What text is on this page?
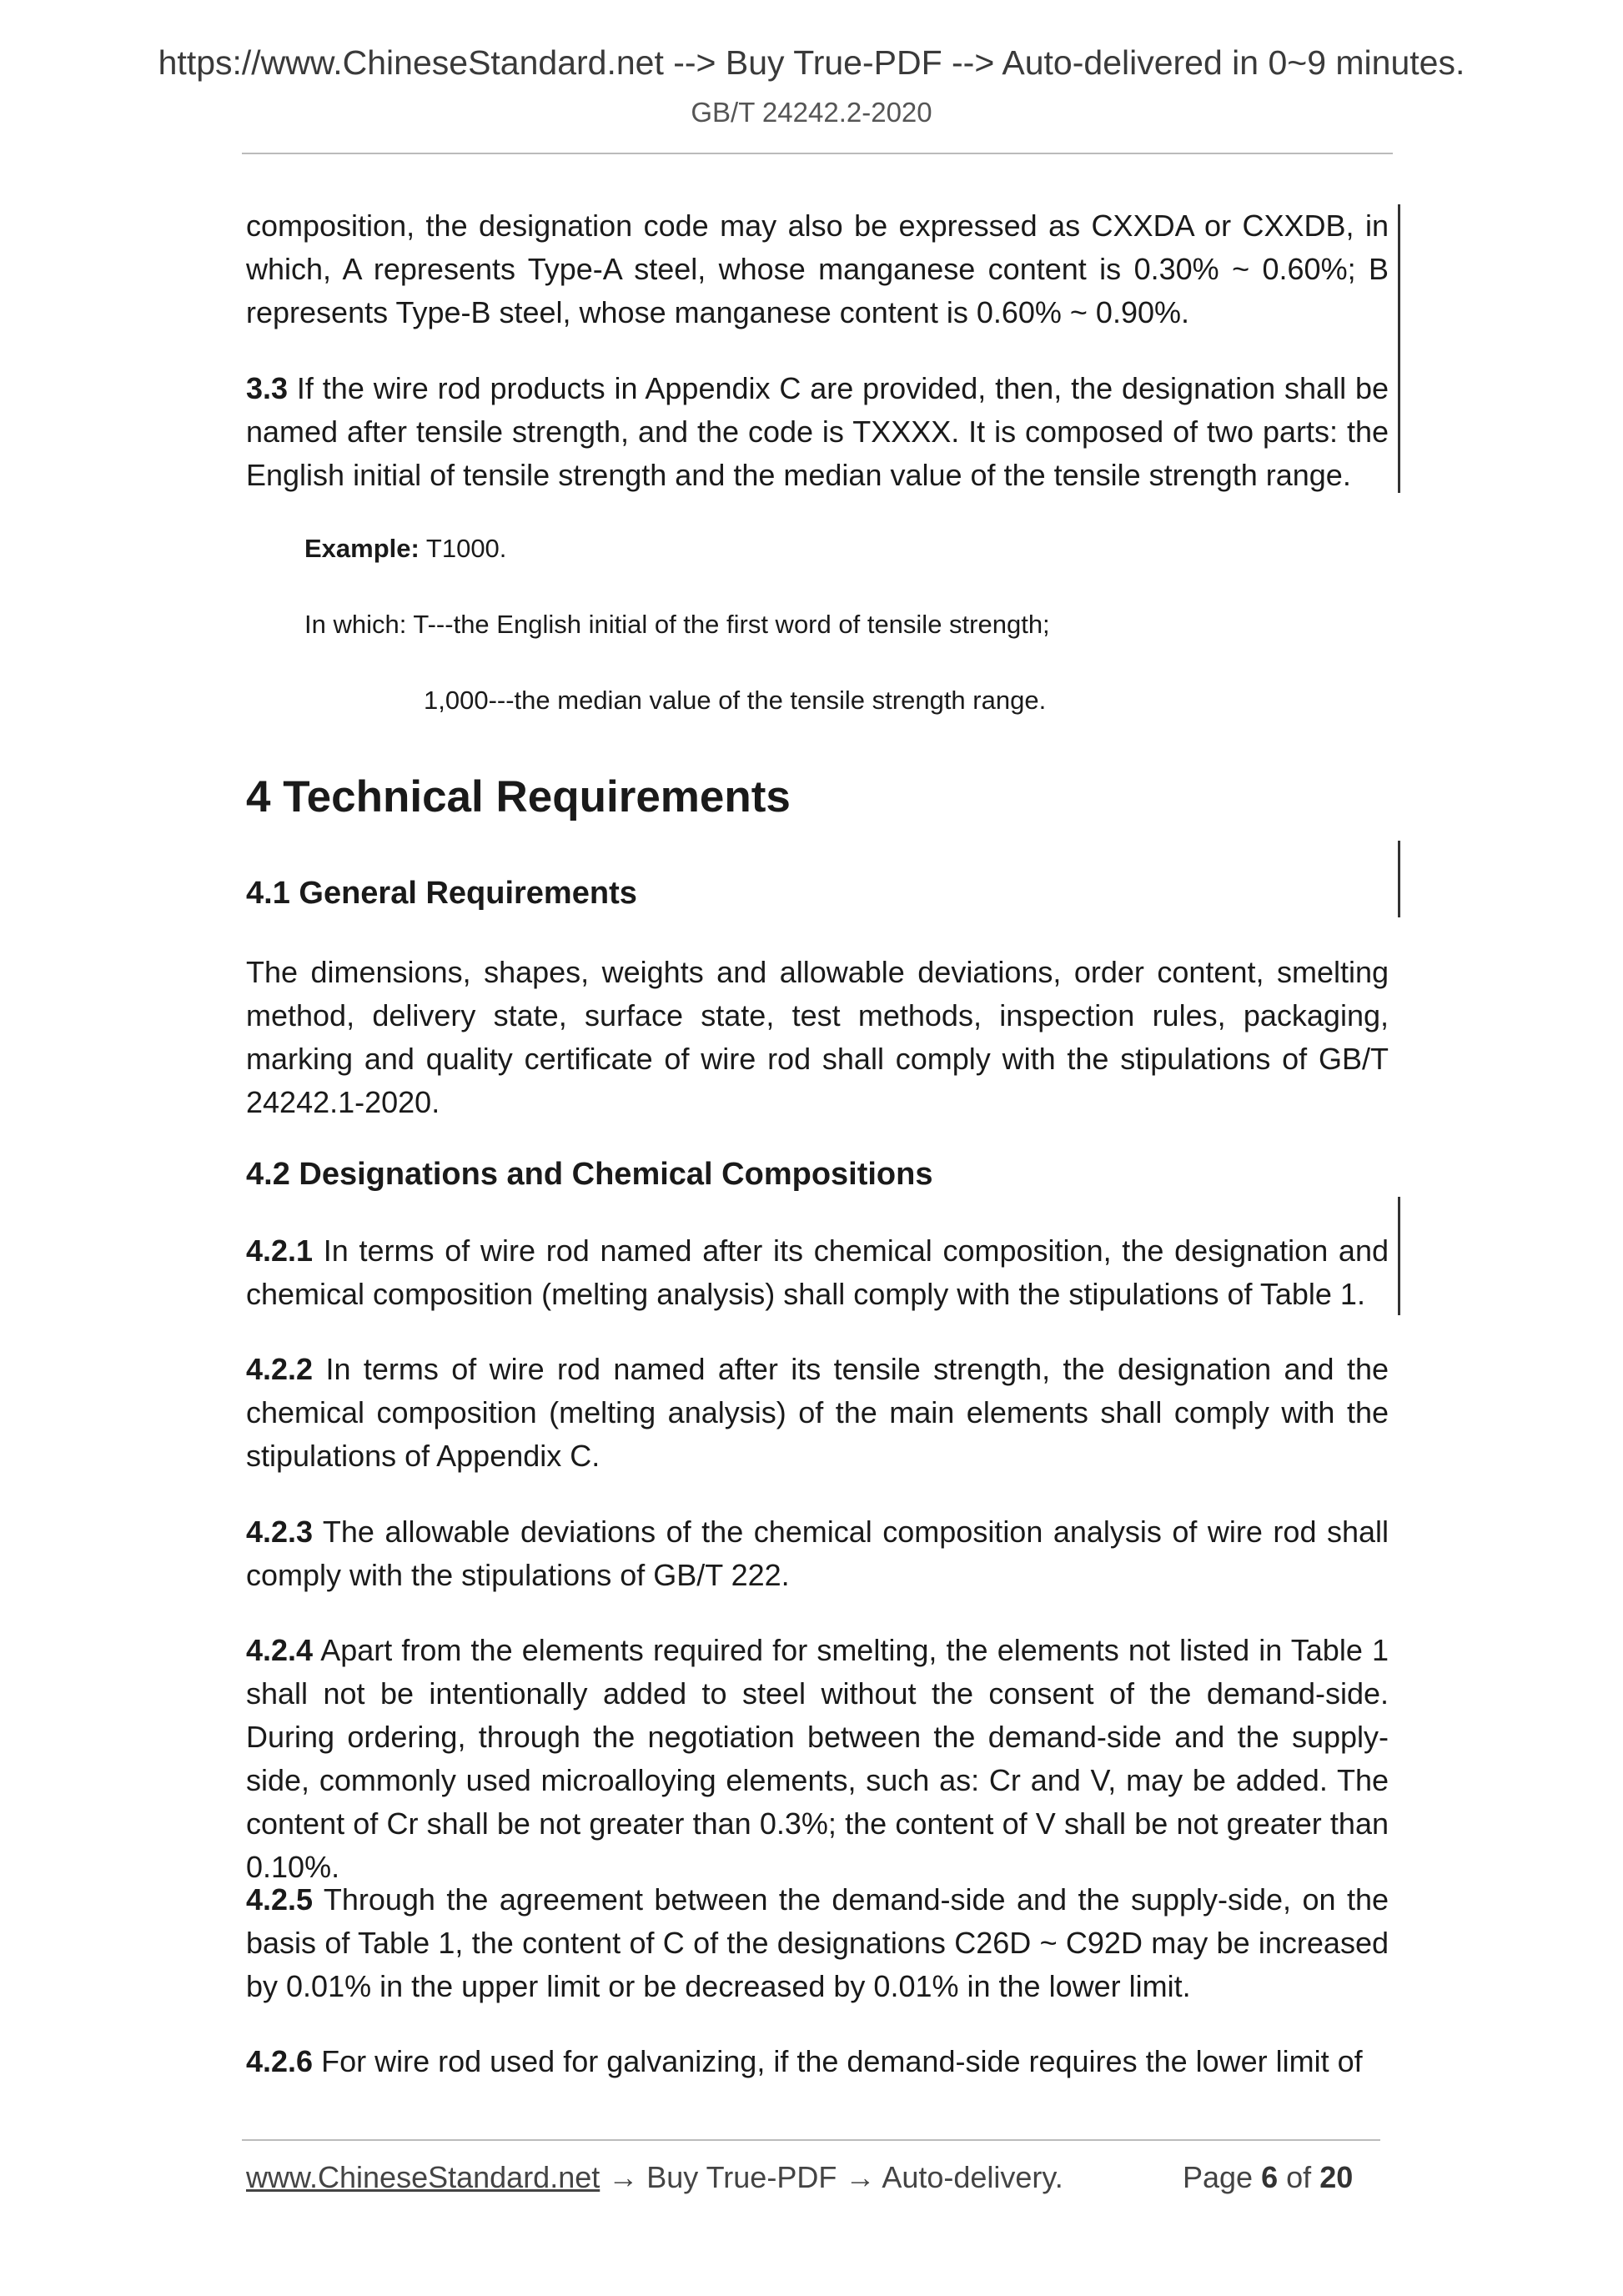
https://www.ChineseStandard.net --> Buy True-PDF --> Auto-delivered in 0~9 minutes.
GB/T 24242.2-2020
composition, the designation code may also be expressed as CXXDA or CXXDB, in which, A represents Type-A steel, whose manganese content is 0.30% ~ 0.60%; B represents Type-B steel, whose manganese content is 0.60% ~ 0.90%.
3.3 If the wire rod products in Appendix C are provided, then, the designation shall be named after tensile strength, and the code is TXXXX. It is composed of two parts: the English initial of tensile strength and the median value of the tensile strength range.
Example: T1000.
In which: T---the English initial of the first word of tensile strength;
1,000---the median value of the tensile strength range.
4 Technical Requirements
4.1 General Requirements
The dimensions, shapes, weights and allowable deviations, order content, smelting method, delivery state, surface state, test methods, inspection rules, packaging, marking and quality certificate of wire rod shall comply with the stipulations of GB/T 24242.1-2020.
4.2 Designations and Chemical Compositions
4.2.1 In terms of wire rod named after its chemical composition, the designation and chemical composition (melting analysis) shall comply with the stipulations of Table 1.
4.2.2 In terms of wire rod named after its tensile strength, the designation and the chemical composition (melting analysis) of the main elements shall comply with the stipulations of Appendix C.
4.2.3 The allowable deviations of the chemical composition analysis of wire rod shall comply with the stipulations of GB/T 222.
4.2.4 Apart from the elements required for smelting, the elements not listed in Table 1 shall not be intentionally added to steel without the consent of the demand-side. During ordering, through the negotiation between the demand-side and the supply-side, commonly used microalloying elements, such as: Cr and V, may be added. The content of Cr shall be not greater than 0.3%; the content of V shall be not greater than 0.10%.
4.2.5 Through the agreement between the demand-side and the supply-side, on the basis of Table 1, the content of C of the designations C26D ~ C92D may be increased by 0.01% in the upper limit or be decreased by 0.01% in the lower limit.
4.2.6 For wire rod used for galvanizing, if the demand-side requires the lower limit of
www.ChineseStandard.net → Buy True-PDF → Auto-delivery.	Page 6 of 20
